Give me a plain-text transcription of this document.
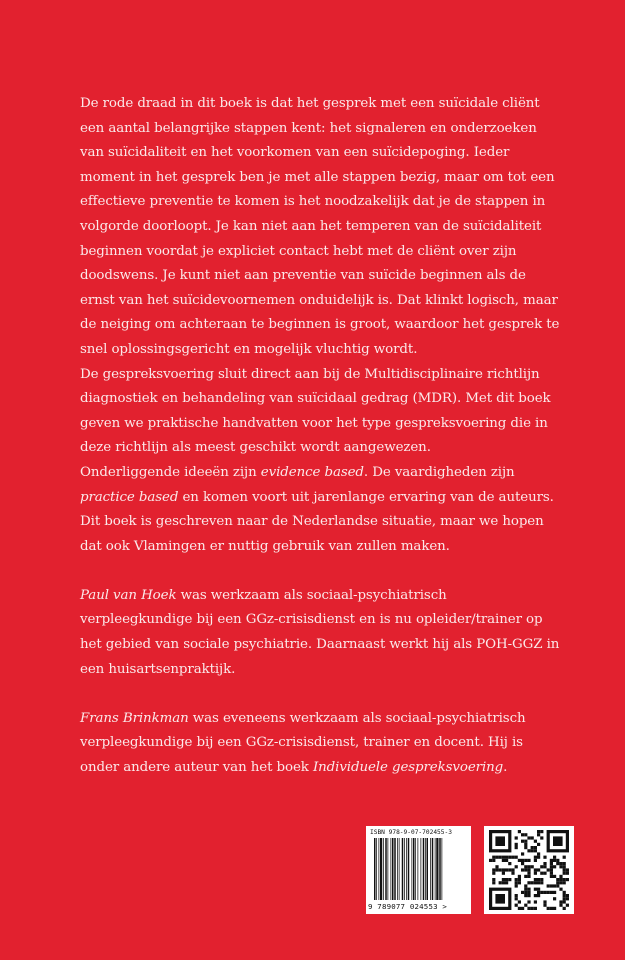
De rode draad in dit boek is dat het gesprek met een suïcidale cliënt een aantal belangrijke stappen kent: het signaleren en onderzoeken van suïcidaliteit en het voorkomen van een suïcidepoging. Ieder moment in het gesprek ben je met alle stappen bezig, maar om tot een effectieve preventie te komen is het noodzakelijk dat je de stappen in volgorde doorloopt. Je kan niet aan het temperen van de suïcidaliteit beginnen voordat je expliciet contact hebt met de cliënt over zijn doodswens. Je kunt niet aan preventie van suïcide beginnen als de ernst van het suïcidevoornemen onduidelijk is. Dat klinkt logisch, maar de neiging om achteraan te beginnen is groot, waardoor het gesprek te snel oplossingsgericht en mogelijk vluchtig wordt.

De gespreksvoering sluit direct aan bij de Multidisciplinaire richtlijn diagnostiek en behandeling van suïcidaal gedrag (MDR). Met dit boek geven we praktische handvatten voor het type gespreksvoering die in deze richtlijn als meest geschikt wordt aangewezen.

Onderliggende ideeën zijn evidence based. De vaardigheden zijn practice based en komen voort uit jarenlange ervaring van de auteurs.

Dit boek is geschreven naar de Nederlandse situatie, maar we hopen dat ook Vlamingen er nuttig gebruik van zullen maken.

Paul van Hoek was werkzaam als sociaal-psychiatrisch verpleegkundige bij een GGz-crisisdienst en is nu opleider/trainer op het gebied van sociale psychiatrie. Daarnaast werkt hij als POH-GGZ in een huisartsenpraktijk.

Frans Brinkman was eveneens werkzaam als sociaal-psychiatrisch verpleegkundige bij een GGz-crisisdienst, trainer en docent. Hij is onder andere auteur van het boek Individuele gespreksvoering.

ISBN 978-9-07-702455-3
9 789077 024553 >
